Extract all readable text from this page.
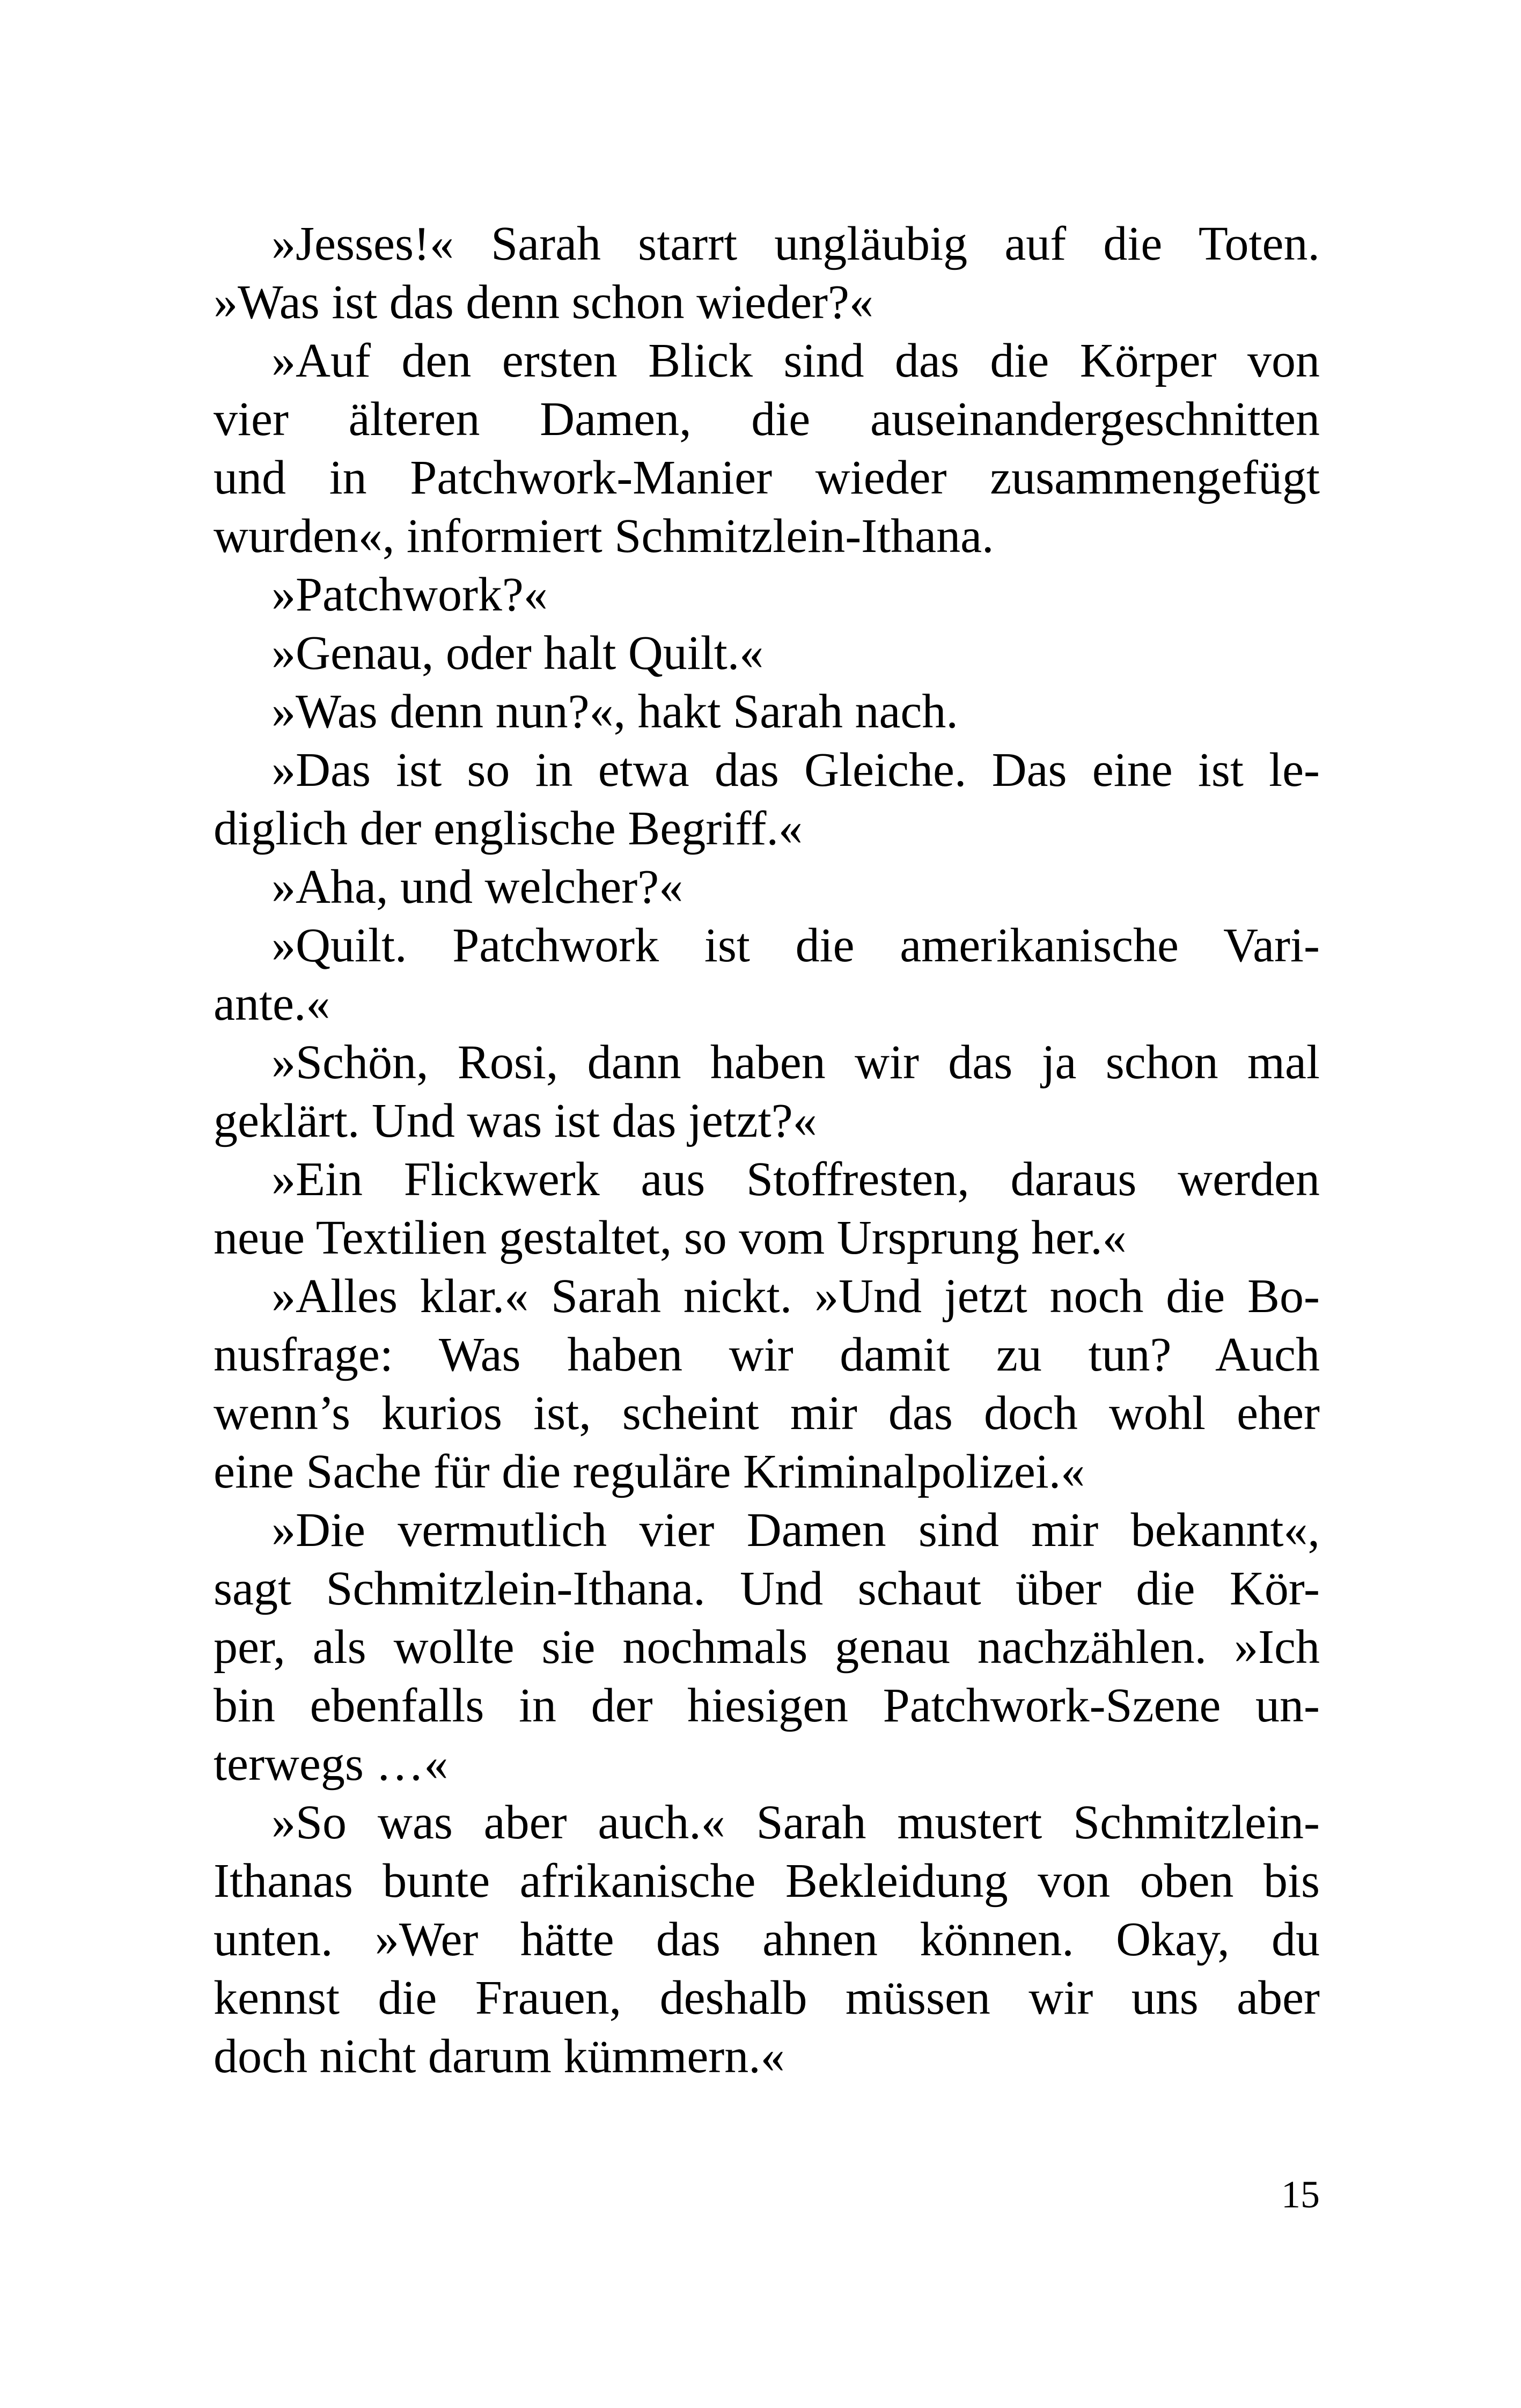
»Jesses!« Sarah starrt ungläubig auf die Toten.
»Was ist das denn schon wieder?«
»Auf den ersten Blick sind das die Körper von
vier älteren Damen, die auseinandergeschnitten
und in Patchwork-Manier wieder zusammengefügt
wurden«, informiert Schmitzlein-Ithana.
»Patchwork?«
»Genau, oder halt Quilt.«
»Was denn nun?«, hakt Sarah nach.
»Das ist so in etwa das Gleiche. Das eine ist le-
diglich der englische Begriff.«
»Aha, und welcher?«
»Quilt. Patchwork ist die amerikanische Vari-
ante.«
»Schön, Rosi, dann haben wir das ja schon mal
geklärt. Und was ist das jetzt?«
»Ein Flickwerk aus Stoffresten, daraus werden
neue Textilien gestaltet, so vom Ursprung her.«
»Alles klar.« Sarah nickt. »Und jetzt noch die Bo-
nusfrage: Was haben wir damit zu tun? Auch
wenn’s kurios ist, scheint mir das doch wohl eher
eine Sache für die reguläre Kriminalpolizei.«
»Die vermutlich vier Damen sind mir bekannt«,
sagt Schmitzlein-Ithana. Und schaut über die Kör-
per, als wollte sie nochmals genau nachzählen. »Ich
bin ebenfalls in der hiesigen Patchwork-Szene un-
terwegs …«
»So was aber auch.« Sarah mustert Schmitzlein-
Ithanas bunte afrikanische Bekleidung von oben bis
unten. »Wer hätte das ahnen können. Okay, du
kennst die Frauen, deshalb müssen wir uns aber
doch nicht darum kümmern.«
15
